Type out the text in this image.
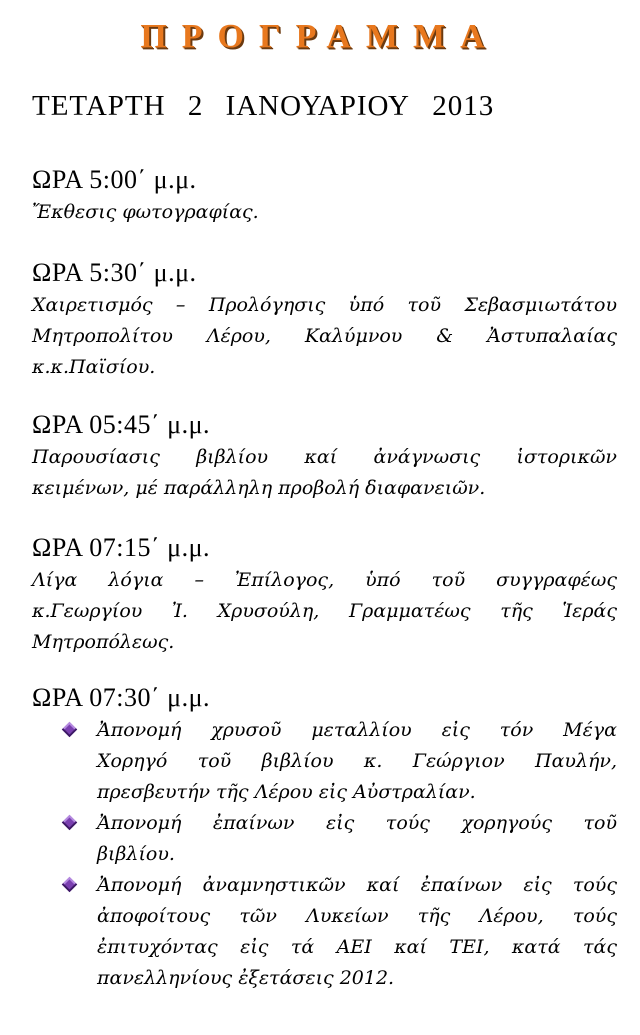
ΠΡΟΓΡΑΜΜΑ
ΤΕΤΑΡΤΗ 2 ΙΑΝΟΥΑΡΙΟΥ 2013
ΩΡΑ 5:00΄ μ.μ.
Ἔκθεσις φωτογραφίας.
ΩΡΑ 5:30΄ μ.μ.
Χαιρετισμός – Προλόγησις ὑπό τοῦ Σεβασμιωτάτου
Μητροπολίτου Λέρου, Καλύμνου & Ἀστυπαλαίας
κ.κ.Παϊσίου.
ΩΡΑ 05:45΄ μ.μ.
Παρουσίασις βιβλίου καί ἀνάγνωσις ἱστορικῶν
κειμένων, μέ παράλληλη προβολή διαφανειῶν.
ΩΡΑ 07:15΄ μ.μ.
Λίγα λόγια – Ἐπίλογος, ὑπό τοῦ συγγραφέως
κ.Γεωργίου Ἰ. Χρυσούλη, Γραμματέως τῆς Ἱεράς
Μητροπόλεως.
ΩΡΑ 07:30΄ μ.μ.
Ἀπονομή χρυσοῦ μεταλλίου εἰς τόν Μέγα
Χορηγό τοῦ βιβλίου κ. Γεώργιον Παυλήν,
πρεσβευτήν τῆς Λέρου εἰς Αὐστραλίαν.
Ἀπονομή ἐπαίνων εἰς τούς χορηγούς τοῦ
βιβλίου.
Ἀπονομή ἀναμνηστικῶν καί ἐπαίνων εἰς τούς
ἀποφοίτους τῶν Λυκείων τῆς Λέρου, τούς
ἐπιτυχόντας εἰς τά ΑΕΙ καί ΤΕΙ, κατά τάς
πανελληνίους ἐξετάσεις 2012.
